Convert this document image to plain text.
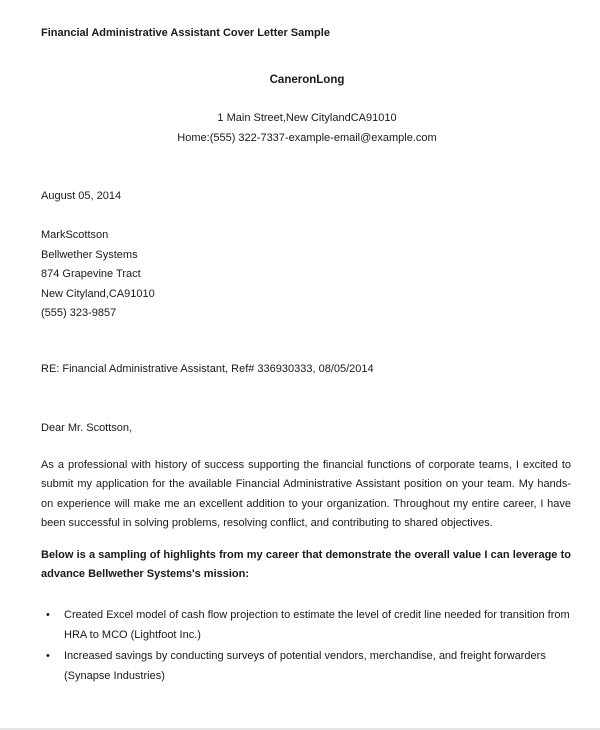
Financial Administrative Assistant Cover Letter Sample

CaneronLong

1 Main Street,New CitylandCA91010

Home:(555) 322-7337-example-email@example.com

August 05, 2014

MarkScottson
Bellwether Systems
874 Grapevine Tract
New Cityland,CA91010
(555) 323-9857

RE: Financial Administrative Assistant, Ref# 336930333, 08/05/2014

Dear Mr. Scottson,

As a professional with history of success supporting the financial functions of corporate teams, I excited to submit my application for the available Financial Administrative Assistant position on your team. My hands-on experience will make me an excellent addition to your organization. Throughout my entire career, I have been successful in solving problems, resolving conflict, and contributing to shared objectives.

Below is a sampling of highlights from my career that demonstrate the overall value I can leverage to advance Bellwether Systems's mission:

• Created Excel model of cash flow projection to estimate the level of credit line needed for transition from HRA to MCO (Lightfoot Inc.)
• Increased savings by conducting surveys of potential vendors, merchandise, and freight forwarders (Synapse Industries)
